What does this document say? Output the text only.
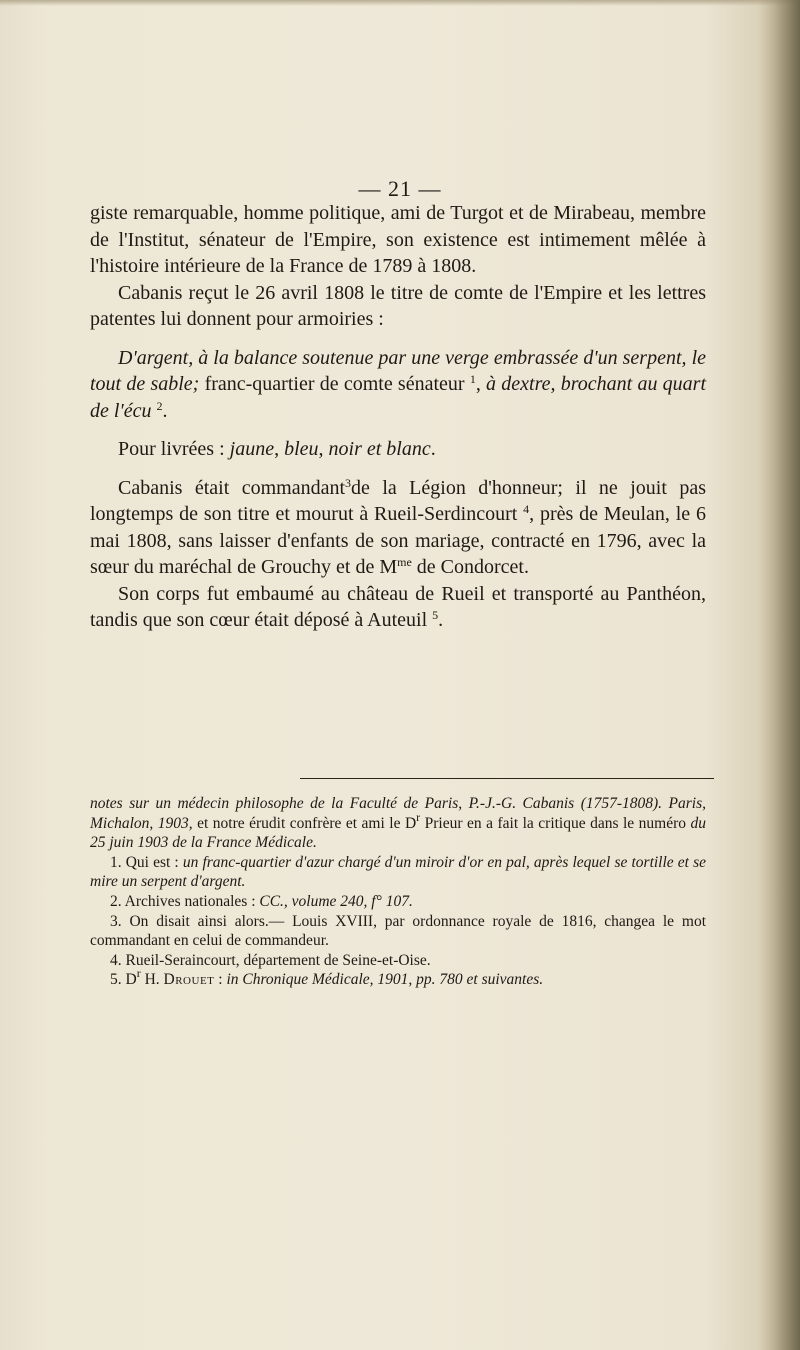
— 21 —

giste remarquable, homme politique, ami de Turgot et de Mirabeau, membre de l'Institut, sénateur de l'Empire, son existence est intimement mêlée à l'histoire intérieure de la France de 1789 à 1808.

Cabanis reçut le 26 avril 1808 le titre de comte de l'Empire et les lettres patentes lui donnent pour armoiries :

D'argent, à la balance soutenue par une verge embrassée d'un serpent, le tout de sable; franc-quartier de comte sénateur $^1$, à dextre, brochant au quart de l'écu $^2$.

Pour livrées : jaune, bleu, noir et blanc.

Cabanis était commandant$^3$de la Légion d'honneur; il ne jouit pas longtemps de son titre et mourut à Rueil-Serdincourt $^4$, près de Meulan, le 6 mai 1808, sans laisser d'enfants de son mariage, contracté en 1796, avec la sœur du maréchal de Grouchy et de $M^{me}$ de Condorcet.

Son corps fut embaumé au château de Rueil et transporté au Panthéon, tandis que son cœur était déposé à Auteuil $^5$.

notes sur un médecin philosophe de la Faculté de Paris, P.-J.-G. Cabanis (1757-1808). Paris, Michalon, 1903, et notre érudit confrère et ami le $D^r$ Prieur en a fait la critique dans le numéro du 25 juin 1903 de la France Médicale.

1. Qui est : un franc-quartier d'azur chargé d'un miroir d'or en pal, après lequel se tortille et se mire un serpent d'argent.

2. Archives nationales : CC., volume 240, f° 107.

3. On disait ainsi alors.— Louis XVIII, par ordonnance royale de 1816, changea le mot commandant en celui de commandeur.

4. Rueil-Seraincourt, département de Seine-et-Oise.

5. $D^r$ H. Drouet : in Chronique Médicale, 1901, pp. 780 et suivantes.
